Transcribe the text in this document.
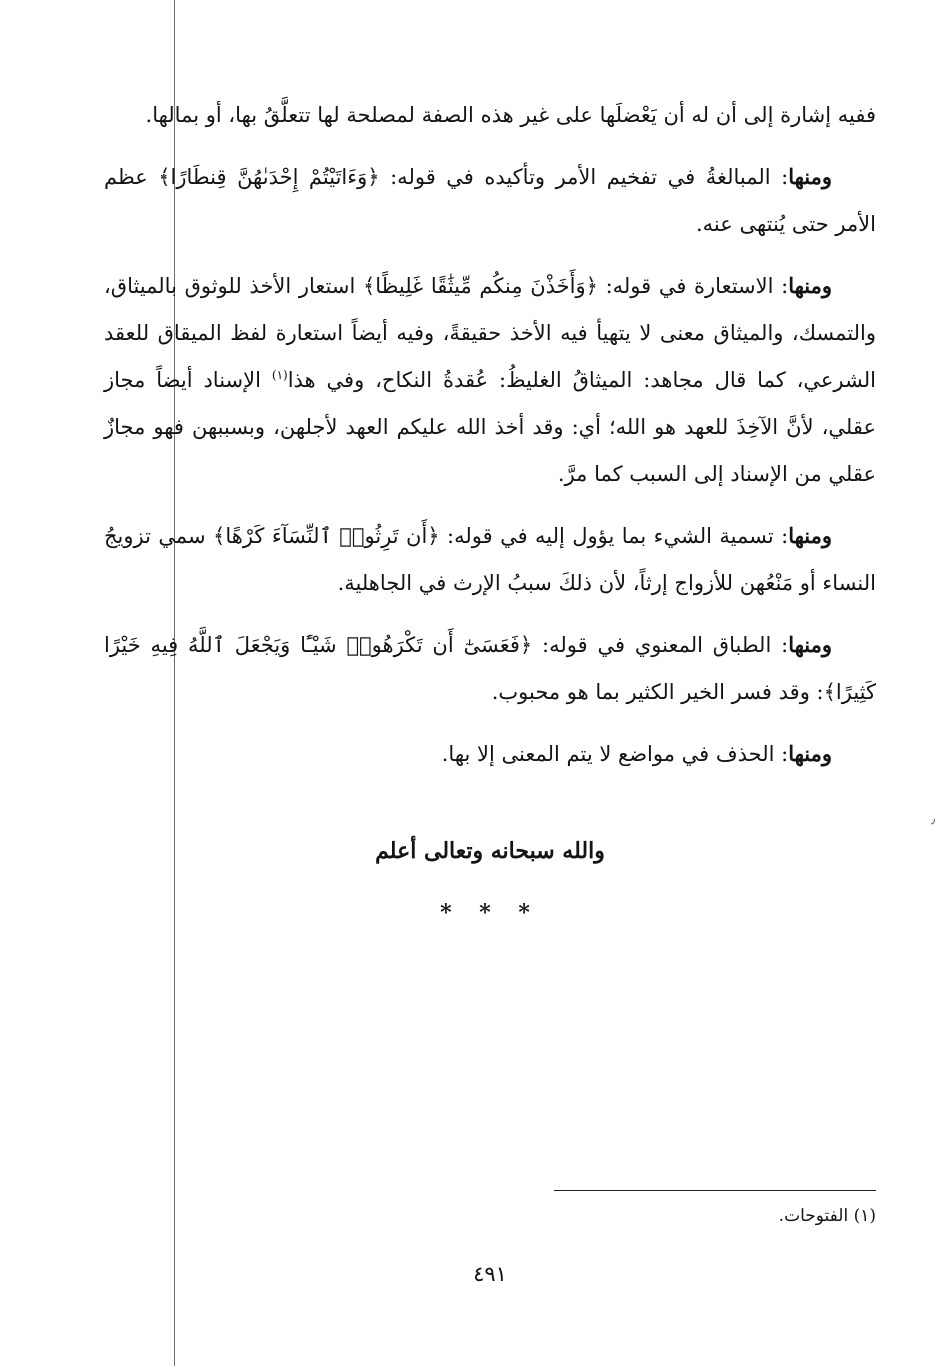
ففيه إشارة إلى أن له أن يَعْضلَها على غير هذه الصفة لمصلحة لها تتعلَّقُ بها، أو بمالها.

ومنها: المبالغةُ في تفخيم الأمر وتأكيده في قوله: ﴿وَءَاتَيْتُمْ إِحْدَىٰهُنَّ قِنطَارًا﴾ عظم الأمر حتى يُنتهى عنه.

ومنها: الاستعارة في قوله: ﴿وَأَخَذْنَ مِنكُم مِّيثَٰقًا غَلِيظًا﴾ استعار الأخذ للوثوق بالميثاق، والتمسك، والميثاق معنى لا يتهيأ فيه الأخذ حقيقةً، وفيه أيضاً استعارة لفظ الميقاق للعقد الشرعي، كما قال مجاهد: الميثاقُ الغليظُ: عُقدةُ النكاح، وفي هذا$^{(١)}$ الإسناد أيضاً مجاز عقلي، لأنَّ الآخِذَ للعهد هو الله؛ أي: وقد أخذ الله عليكم العهد لأجلهن، وبسببهن فهو مجازٌ عقلي من الإسناد إلى السبب كما مرَّ.

ومنها: تسمية الشيء بما يؤول إليه في قوله: ﴿أَن تَرِثُوا۟ ٱلنِّسَآءَ كَرْهًا﴾ سمي تزويجُ النساء أو مَنْعُهن للأزواج إرثاً، لأن ذلكَ سببُ الإرث في الجاهلية.

ومنها: الطباق المعنوي في قوله: ﴿فَعَسَىٰٓ أَن تَكْرَهُوا۟ شَيْـًٔا وَيَجْعَلَ ٱللَّهُ فِيهِ خَيْرًا كَثِيرًا﴾: وقد فسر الخير الكثير بما هو محبوب.

ومنها: الحذف في مواضع لا يتم المعنى إلا بها.

والله سبحانه وتعالى أعلم
* * *
(١) الفتوحات.
٤٩١
٫
